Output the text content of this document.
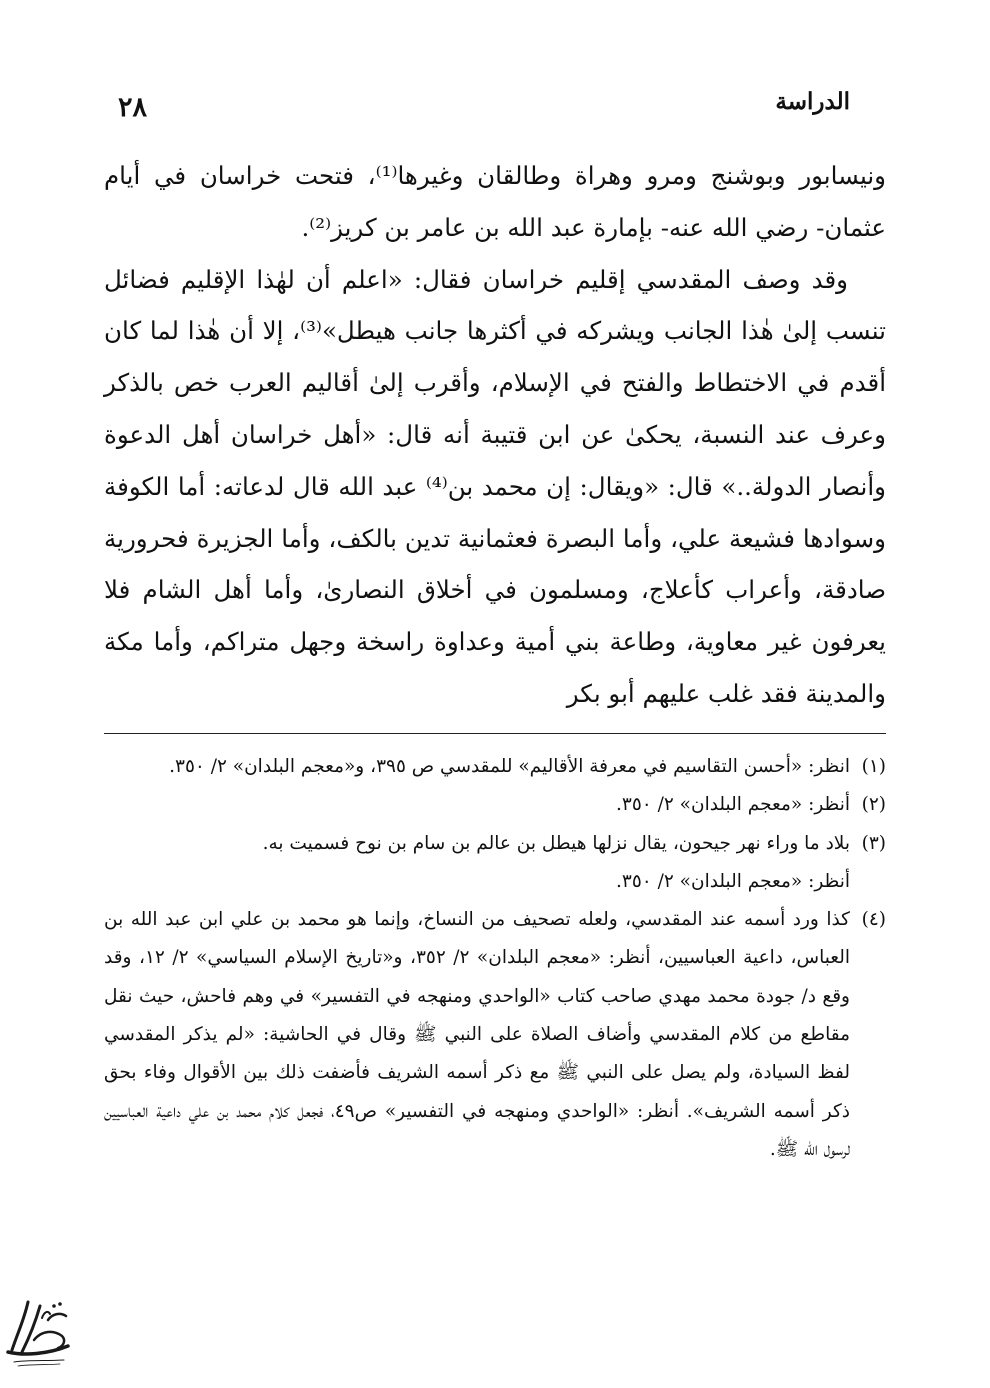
الدراسة
٢٨

ونيسابور وبوشنج ومرو وهراة وطالقان وغيرها⁽¹⁾، فتحت خراسان في أيام عثمان- رضي الله عنه- بإمارة عبد الله بن عامر بن كريز⁽²⁾.

وقد وصف المقدسي إقليم خراسان فقال: «اعلم أن لهٰذا الإقليم فضائل تنسب إلىٰ هٰذا الجانب ويشركه في أكثرها جانب هيطل»⁽³⁾، إلا أن هٰذا لما كان أقدم في الاختطاط والفتح في الإسلام، وأقرب إلىٰ أقاليم العرب خص بالذكر وعرف عند النسبة، يحكىٰ عن ابن قتيبة أنه قال: «أهل خراسان أهل الدعوة وأنصار الدولة..» قال: «ويقال: إن محمد بن⁽⁴⁾ عبد الله قال لدعاته: أما الكوفة وسوادها فشيعة علي، وأما البصرة فعثمانية تدين بالكف، وأما الجزيرة فحرورية صادقة، وأعراب كأعلاج، ومسلمون في أخلاق النصارىٰ، وأما أهل الشام فلا يعرفون غير معاوية، وطاعة بني أمية وعداوة راسخة وجهل متراكم، وأما مكة والمدينة فقد غلب عليهم أبو بكر

(١)
انظر: «أحسن التقاسيم في معرفة الأقاليم» للمقدسي ص ٣٩٥، و«معجم البلدان» ٢/ ٣٥٠.
(٢)
أنظر: «معجم البلدان» ٢/ ٣٥٠.
(٣)
بلاد ما وراء نهر جيحون، يقال نزلها هيطل بن عالم بن سام بن نوح فسميت به.
أنظر: «معجم البلدان» ٢/ ٣٥٠.
(٤)
كذا ورد أسمه عند المقدسي، ولعله تصحيف من النساخ، وإنما هو محمد بن علي ابن عبد الله بن العباس، داعية العباسيين، أنظر: «معجم البلدان» ٢/ ٣٥٢، و«تاريخ الإسلام السياسي» ٢/ ١٢، وقد وقع د/ جودة محمد مهدي صاحب كتاب «الواحدي ومنهجه في التفسير» في وهم فاحش، حيث نقل مقاطع من كلام المقدسي وأضاف الصلاة على النبي ﷺ وقال في الحاشية: «لم يذكر المقدسي لفظ السيادة، ولم يصل على النبي ﷺ مع ذكر أسمه الشريف فأضفت ذلك بين الأقوال وفاء بحق ذكر أسمه الشريف». أنظر: «الواحدي ومنهجه في التفسير» ص٤٩، فجعل كلام محمد بن علي داعية العباسيين لرسول الله ﷺ.
